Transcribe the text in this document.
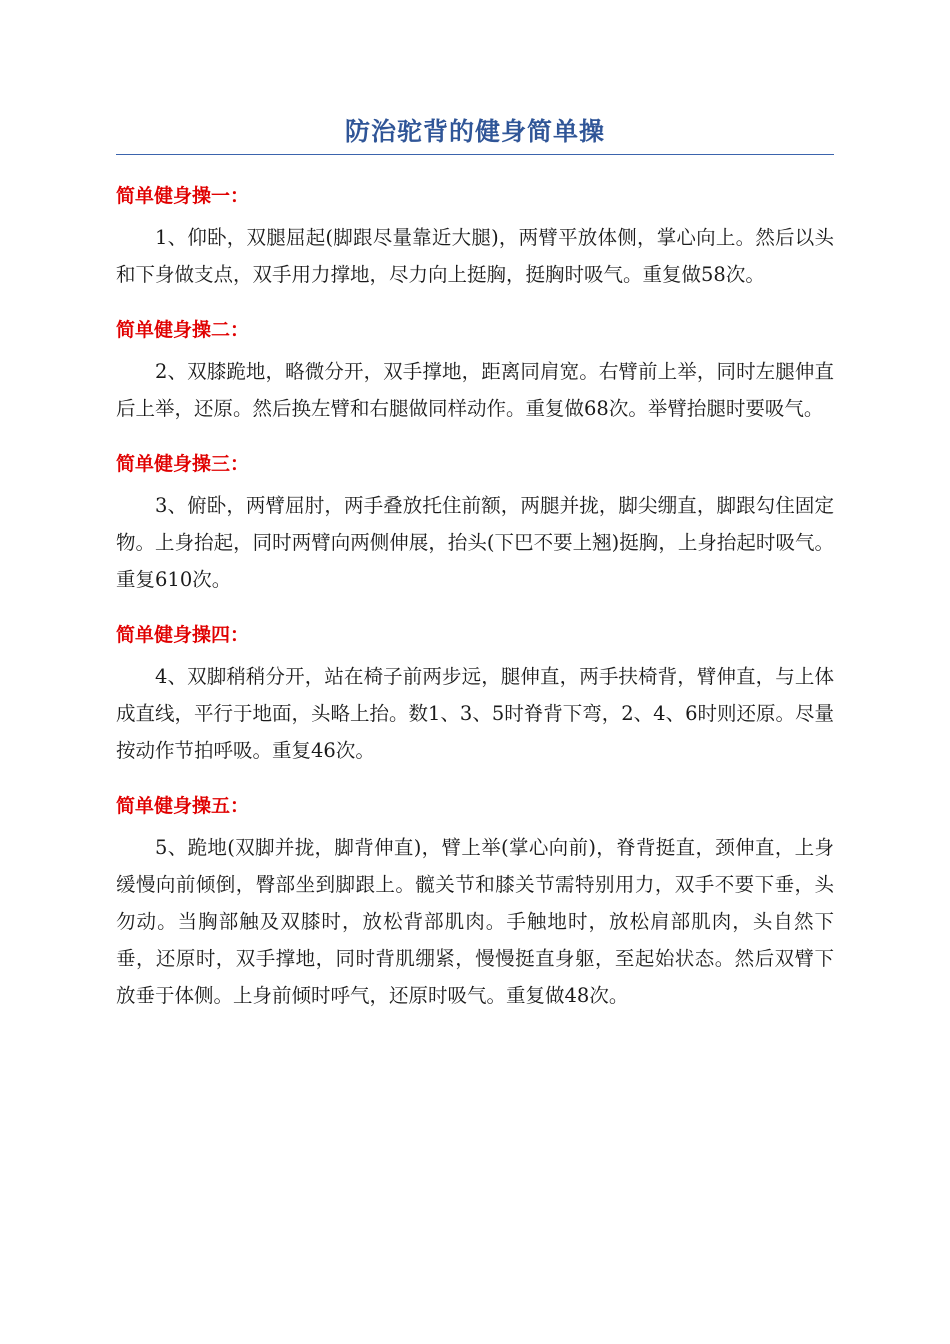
防治驼背的健身简单操

简单健身操一：

1、仰卧，双腿屈起(脚跟尽量靠近大腿)，两臂平放体侧，掌心向上。然后以头和下身做支点，双手用力撑地，尽力向上挺胸，挺胸时吸气。重复做58次。

简单健身操二：

2、双膝跪地，略微分开，双手撑地，距离同肩宽。右臂前上举，同时左腿伸直后上举，还原。然后换左臂和右腿做同样动作。重复做68次。举臂抬腿时要吸气。

简单健身操三：

3、俯卧，两臂屈肘，两手叠放托住前额，两腿并拢，脚尖绷直，脚跟勾住固定物。上身抬起，同时两臂向两侧伸展，抬头(下巴不要上翘)挺胸，上身抬起时吸气。重复610次。

简单健身操四：

4、双脚稍稍分开，站在椅子前两步远，腿伸直，两手扶椅背，臂伸直，与上体成直线，平行于地面，头略上抬。数1、3、5时脊背下弯，2、4、6时则还原。尽量按动作节拍呼吸。重复46次。

简单健身操五：

5、跪地(双脚并拢，脚背伸直)，臂上举(掌心向前)，脊背挺直，颈伸直，上身缓慢向前倾倒，臀部坐到脚跟上。髋关节和膝关节需特别用力，双手不要下垂，头勿动。当胸部触及双膝时，放松背部肌肉。手触地时，放松肩部肌肉，头自然下垂，还原时，双手撑地，同时背肌绷紧，慢慢挺直身躯，至起始状态。然后双臂下放垂于体侧。上身前倾时呼气，还原时吸气。重复做48次。
